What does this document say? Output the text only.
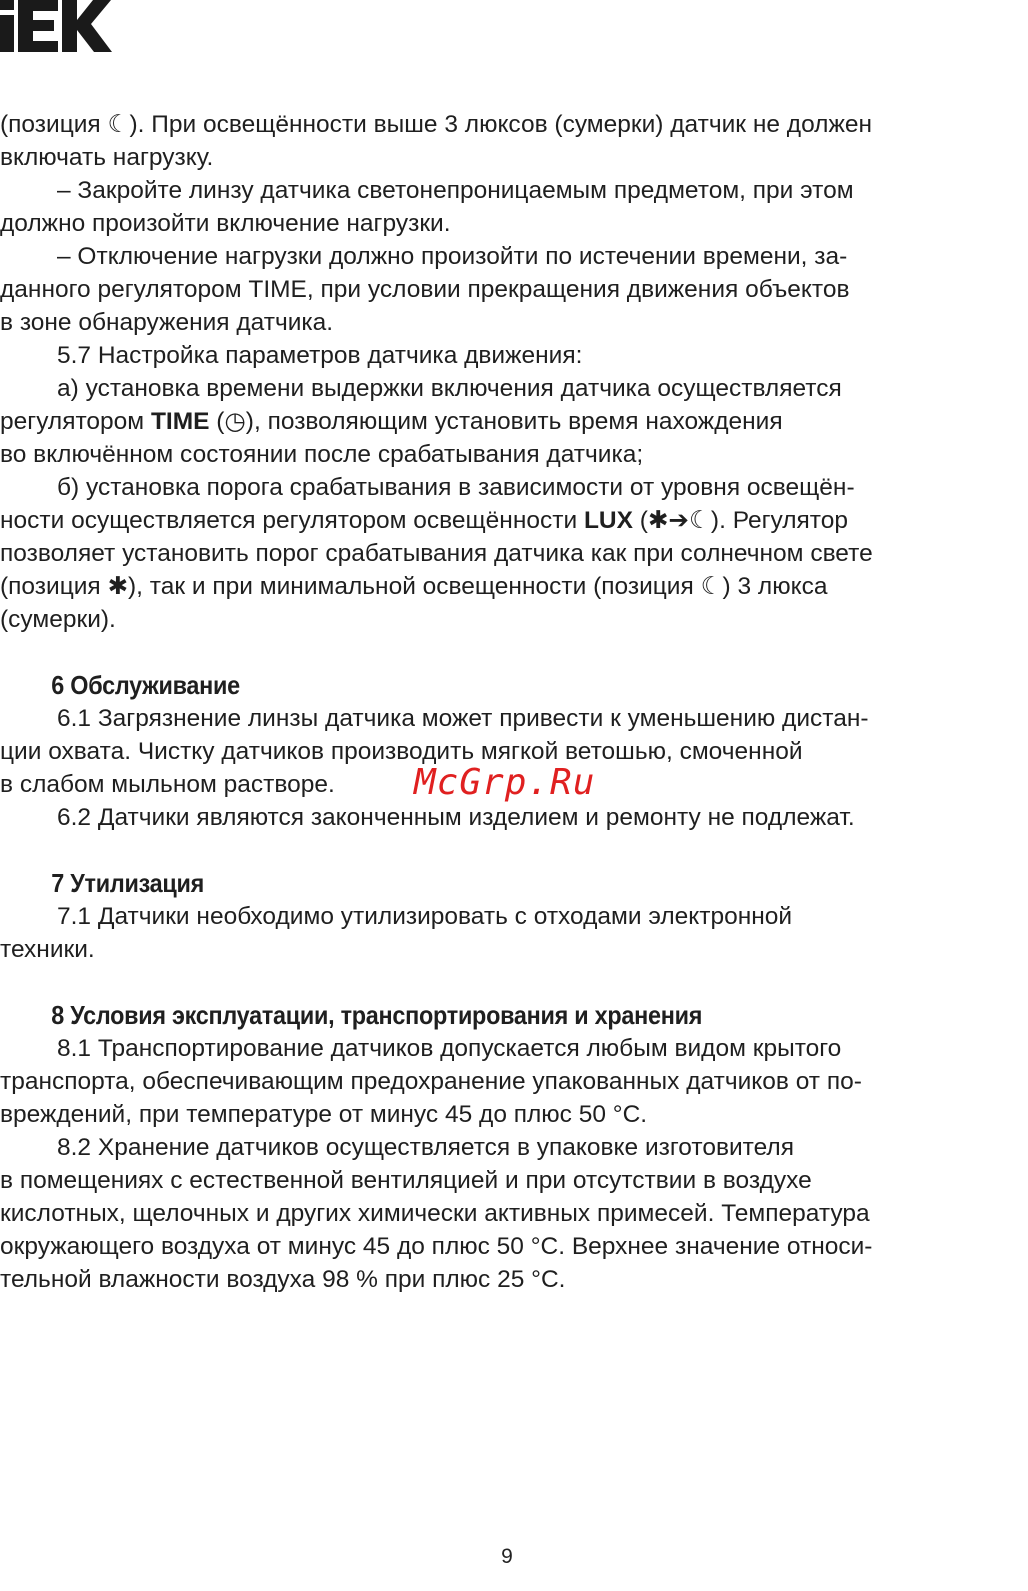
(позиция ☾). При освещённости выше 3 люксов (сумерки) датчик не должен
включать нагрузку.
– Закройте линзу датчика светонепроницаемым предметом, при этом
должно произойти включение нагрузки.
– Отключение нагрузки должно произойти по истечении времени, за-
данного регулятором TIME, при условии прекращения движения объектов
в зоне обнаружения датчика.
5.7 Настройка параметров датчика движения:
а) установка времени выдержки включения датчика осуществляется
регулятором TIME (◷), позволяющим установить время нахождения
во включённом состоянии после срабатывания датчика;
б) установка порога срабатывания в зависимости от уровня освещён-
ности осуществляется регулятором освещённости LUX (✱➔☾). Регулятор
позволяет установить порог срабатывания датчика как при солнечном свете
(позиция ✱), так и при минимальной освещенности (позиция ☾) 3 люкса
(сумерки).

6 Обслуживание

6.1 Загрязнение линзы датчика может привести к уменьшению дистан-
ции охвата. Чистку датчиков производить мягкой ветошью, смоченной
в слабом мыльном растворе.
6.2 Датчики являются законченным изделием и ремонту не подлежат.

7 Утилизация

7.1 Датчики необходимо утилизировать с отходами электронной
техники.

8 Условия эксплуатации, транспортирования и хранения

8.1 Транспортирование датчиков допускается любым видом крытого
транспорта, обеспечивающим предохранение упакованных датчиков от по-
вреждений, при температуре от минус 45 до плюс 50 °С.
8.2 Хранение датчиков осуществляется в упаковке изготовителя
в помещениях с естественной вентиляцией и при отсутствии в воздухе
кислотных, щелочных и других химически активных примесей. Температура
окружающего воздуха от минус 45 до плюс 50 °С. Верхнее значение относи-
тельной влажности воздуха 98 % при плюс 25 °С.

McGrp.Ru
9
